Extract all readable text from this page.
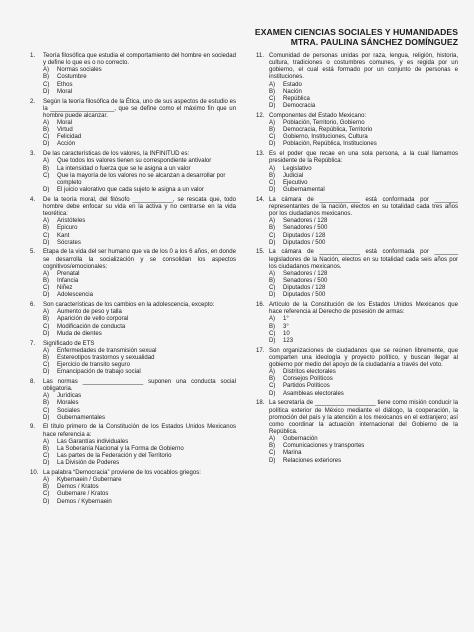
EXAMEN CIENCIAS SOCIALES Y HUMANIDADES
MTRA. PAULINA SÁNCHEZ DOMÍNGUEZ
1.	Teoría filosófica que estudia el comportamiento del hombre en sociedad y define lo que es o no correcto.
A)	Normas sociales
B)	Costumbre
C)	Ethos
D)	Moral
2.	Según la teoría filosófica de la Ética, uno de sus aspectos de estudio es la ___________________, que se define como el máximo fin que un hombre puede alcanzar.
A)	Moral
B)	Virtud
C)	Felicidad
D)	Acción
3.	De las características de los valores, la INFINITUD es:
A)	Que todos los valores tienen su correspondiente antivalor
B)	La intensidad o fuerza que se le asigna a un valor
C)	Que la mayoría de los valores no se alcanzan a desarrollar por completo
D)	El juicio valorativo que cada sujeto le asigna a un valor
4.	De la teoría moral, del filósofo ____________, se rescata que, todo hombre debe enfocar su vida en la activa y no centrarse en la vida teorética:
A)	Aristóteles
B)	Epicuro
C)	Kant
D)	Sócrates
5.	Etapa de la vida del ser humano que va de los 0 a los 6 años, en donde se desarrolla la socialización y se consolidan los aspectos cognitivos/emocionales:
A)	Prenatal
B)	Infancia
C)	Niñez
D)	Adolescencia
6.	Son características de los cambios en la adolescencia, excepto:
A)	Aumento de peso y talla
B)	Aparición de vello corporal
C)	Modificación de conducta
D)	Muda de dientes
7.	Significado de ETS
A)	Enfermedades de transmisión sexual
B)	Estereotipos trastornos y sexualidad
C)	Ejercicio de transito seguro
D)	Emancipación de trabajo social
8.	Las normas __________________ suponen una conducta social obligatoria.
A)	Jurídicas
B)	Morales
C)	Sociales
D)	Gubernamentales
9.	El título primero de la Constitución de los Estados Unidos Mexicanos hace referencia a:
A)	Las Garantías individuales
B)	La Soberanía Nacional y la Forma de Gobierno
C)	Las partes de la Federación y del Territorio
D)	La División de Poderes
10. La palabra “Democracia” proviene de los vocablos griegos:
A)	Kybernaein / Gubernare
B)	Demos / Kratos
C)	Gubernare / Kratos
D)	Demos / Kybernaein
11. Comunidad de personas unidas por raza, lengua, religión, historia, cultura, tradiciones o costumbres comunes, y es regida por un gobierno, el cual está formado por un conjunto de personas e instituciones.
A)	Estado
B)	Nación
C)	República
D)	Democracia
12. Componentes del Estado Mexicano:
A)	Población, Territorio, Gobierno
B)	Democracia, República, Territorio
C)	Gobierno, Instituciones, Cultura
D)	Población, República, Instituciones
13. Es el poder que recae en una sola persona, a la cual llamamos presidente de la República:
A)	Legislativo
B)	Judicial
C)	Ejecutivo
D)	Gubernamental
14. La cámara de ____________ está conformada por _______ representantes de la nación, electos en su totalidad cada tres años por los ciudadanos mexicanos.
A)	Senadores / 128
B)	Senadores / 500
C)	Diputados / 128
D)	Diputados / 500
15. La cámara de ____________ está conformada por _______ legisladores de la Nación, electos en su totalidad cada seis años por los ciudadanos mexicanos.
A)	Senadores / 128
B)	Senadores / 500
C)	Diputados / 128
D)	Diputados / 500
16. Artículo de la Constitución de los Estados Unidos Mexicanos que hace referencia al Derecho de posesión de armas:
A)	1°
B)	3°
C)	10
D)	123
17. Son organizaciones de ciudadanos que se reúnen libremente, que comparten una ideología y proyecto político, y buscan llegar al gobierno por medio del apoyo de la ciudadanía a través del voto.
A)	Distritos electorales
B)	Consejos Políticos
C)	Partidos Políticos
D)	Asambleas electorales
18. La secretaría de __________________ tiene como misión conducir la política exterior de México mediante el diálogo, la cooperación, la promoción del país y la atención a los mexicanos en el extranjero; así como coordinar la actuación internacional del Gobierno de la República.
A)	Gobernación
B)	Comunicaciones y transportes
C)	Marina
D)	Relaciones exteriores
